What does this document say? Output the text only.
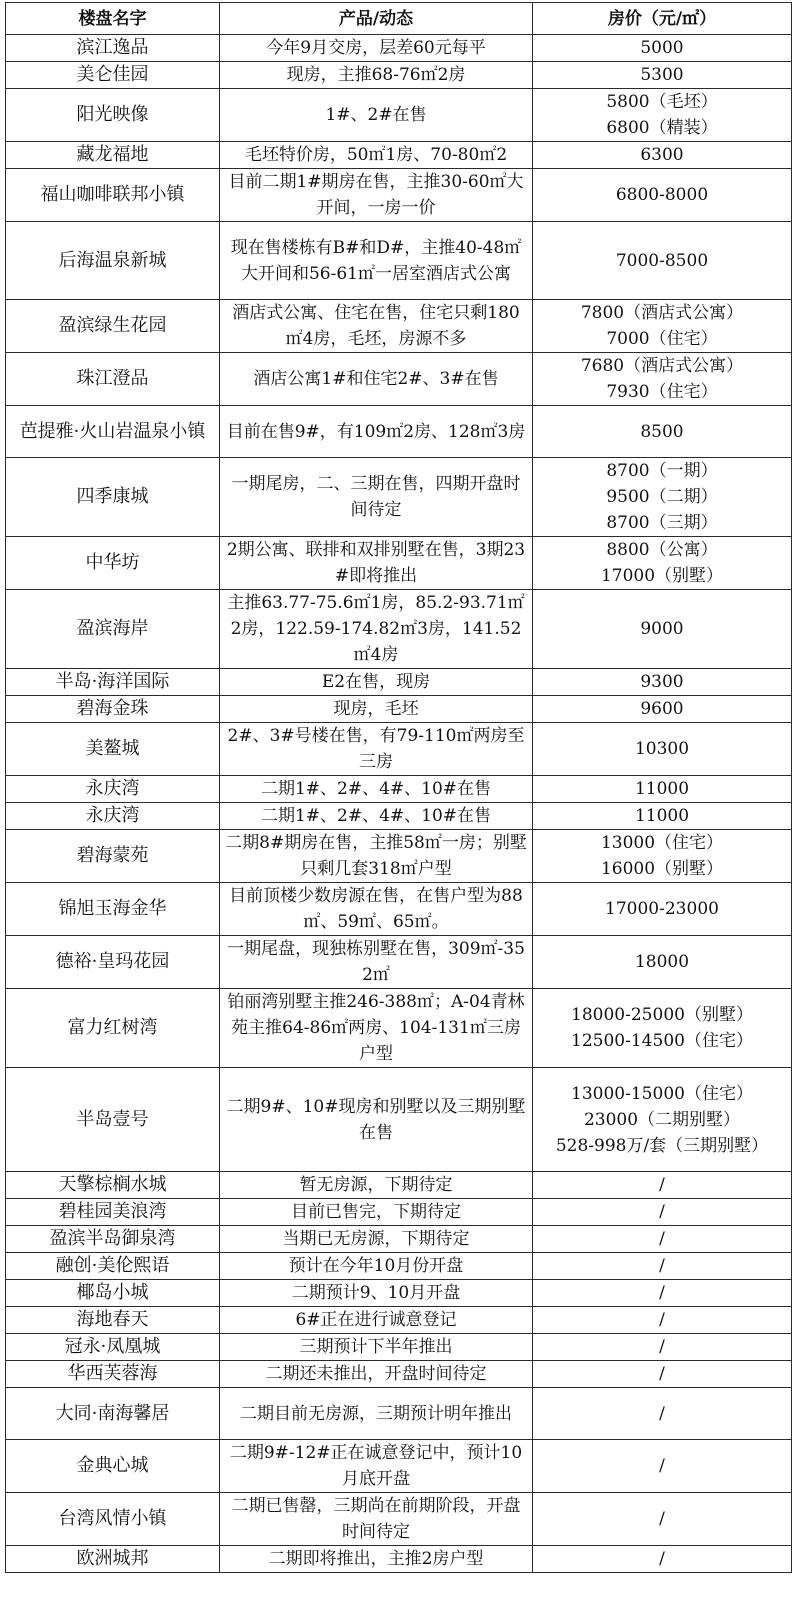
楼盘名字	产品/动态	房价（元/㎡）
滨江逸品	今年9月交房，层差60元每平	5000

美仑佳园	现房，主推68-76㎡2房	5300

阳光映像	1#、2#在售	5800（毛坯）
6800（精装）

藏龙福地	毛坯特价房，50㎡1房、70-80㎡2	6300

福山咖啡联邦小镇	目前二期1#期房在售，主推30-60㎡大开间，一房一价	6800-8000

后海温泉新城	现在售楼栋有B#和D#，主推40-48㎡大开间和56-61㎡一居室酒店式公寓	7000-8500

盈滨绿生花园	酒店式公寓、住宅在售，住宅只剩180㎡4房，毛坯，房源不多	7800（酒店式公寓）
7000（住宅）

珠江澄品	酒店公寓1#和住宅2#、3#在售	7680（酒店式公寓）
7930（住宅）

芭提雅·火山岩温泉小镇	目前在售9#，有109㎡2房、128㎡3房	8500

四季康城	一期尾房，二、三期在售，四期开盘时间待定	8700（一期）
9500（二期）
8700（三期）

中华坊	2期公寓、联排和双排别墅在售，3期23#即将推出	8800（公寓）
17000（别墅）

盈滨海岸	主推63.77-75.6㎡1房，85.2-93.71㎡2房，122.59-174.82㎡3房，141.52㎡4房	9000

半岛·海洋国际	E2在售，现房	9300

碧海金珠	现房，毛坯	9600

美鳌城	2#、3#号楼在售，有79-110㎡两房至三房	10300

永庆湾	二期1#、2#、4#、10#在售	11000

永庆湾	二期1#、2#、4#、10#在售	11000

碧海蒙苑	二期8#期房在售，主推58㎡一房；别墅只剩几套318㎡户型	13000（住宅）
16000（别墅）

锦旭玉海金华	目前顶楼少数房源在售，在售户型为88㎡、59㎡、65㎡。	17000-23000

德裕·皇玛花园	一期尾盘，现独栋别墅在售，309㎡-352㎡	18000

富力红树湾	铂丽湾别墅主推246-388㎡；A-04青林苑主推64-86㎡两房、104-131㎡三房户型	18000-25000（别墅）
12500-14500（住宅）

半岛壹号	二期9#、10#现房和别墅以及三期别墅在售	13000-15000（住宅）
23000（二期别墅）
528-998万/套（三期别墅）

天擎棕榈水城	暂无房源，下期待定	/

碧桂园美浪湾	目前已售完，下期待定	/

盈滨半岛御泉湾	当期已无房源，下期待定	/

融创·美伦熙语	预计在今年10月份开盘	/

椰岛小城	二期预计9、10月开盘	/

海地春天	6#正在进行诚意登记	/

冠永·凤凰城	三期预计下半年推出	/

华西芙蓉海	二期还未推出，开盘时间待定	/

大同·南海馨居	二期目前无房源，三期预计明年推出	/

金典心城	二期9#-12#正在诚意登记中，预计10月底开盘	/

台湾风情小镇	二期已售罄，三期尚在前期阶段，开盘时间待定	/

欧洲城邦	二期即将推出，主推2房户型	/
